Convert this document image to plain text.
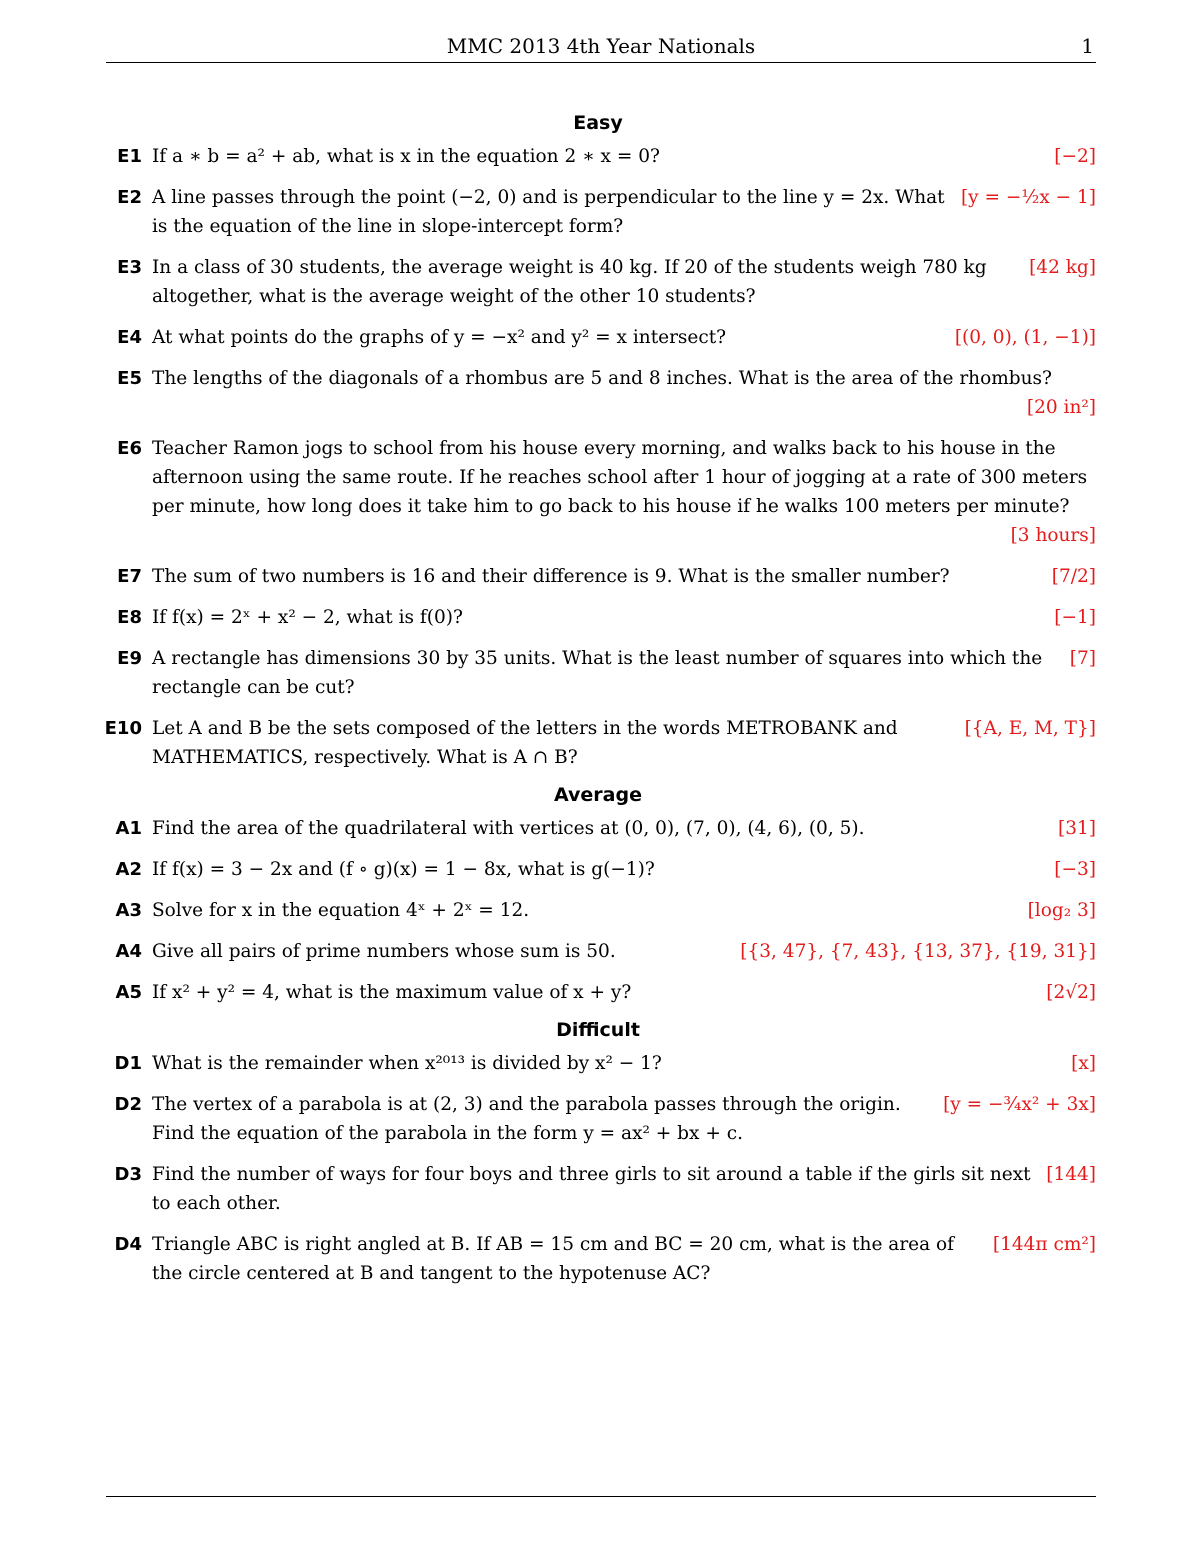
MMC 2013 4th Year Nationals	1
Easy
E1	[−2]
If a ∗ b = a² + ab, what is x in the equation 2 ∗ x = 0?
E2	[y = −½x − 1]
A line passes through the point (−2, 0) and is perpendicular to the line y = 2x. What is the equation of the line in slope-intercept form?
E3	[42 kg]
In a class of 30 students, the average weight is 40 kg. If 20 of the students weigh 780 kg altogether, what is the average weight of the other 10 students?
E4	[(0, 0), (1, −1)]
At what points do the graphs of y = −x² and y² = x intersect?
E5 The lengths of the diagonals of a rhombus are 5 and 8 inches. What is the area of the rhombus?
[20 in²]
E6 Teacher Ramon jogs to school from his house every morning, and walks back to his house in the afternoon using the same route. If he reaches school after 1 hour of jogging at a rate of 300 meters per minute, how long does it take him to go back to his house if he walks 100 meters per minute?
[3 hours]
E7	[7/2]
The sum of two numbers is 16 and their difference is 9. What is the smaller number?
E8	[−1]
If f(x) = 2ˣ + x² − 2, what is f(0)?
E9	[7]
A rectangle has dimensions 30 by 35 units. What is the least number of squares into which the rectangle can be cut?
E10	[{A, E, M, T}]
Let A and B be the sets composed of the letters in the words METROBANK and MATHEMATICS, respectively. What is A ∩ B?
Average
A1	[31]
Find the area of the quadrilateral with vertices at (0, 0), (7, 0), (4, 6), (0, 5).
A2	[−3]
If f(x) = 3 − 2x and (f ∘ g)(x) = 1 − 8x, what is g(−1)?
A3	[log₂ 3]
Solve for x in the equation 4ˣ + 2ˣ = 12.
A4	[{3, 47}, {7, 43}, {13, 37}, {19, 31}]
Give all pairs of prime numbers whose sum is 50.
A5	[2√2]
If x² + y² = 4, what is the maximum value of x + y?
Difficult
D1	[x]
What is the remainder when x²⁰¹³ is divided by x² − 1?
D2	[y = −¾x² + 3x]
The vertex of a parabola is at (2, 3) and the parabola passes through the origin. Find the equation of the parabola in the form y = ax² + bx + c.
D3	[144]
Find the number of ways for four boys and three girls to sit around a table if the girls sit next to each other.
D4	[144π cm²]
Triangle ABC is right angled at B. If AB = 15 cm and BC = 20 cm, what is the area of the circle centered at B and tangent to the hypotenuse AC?
